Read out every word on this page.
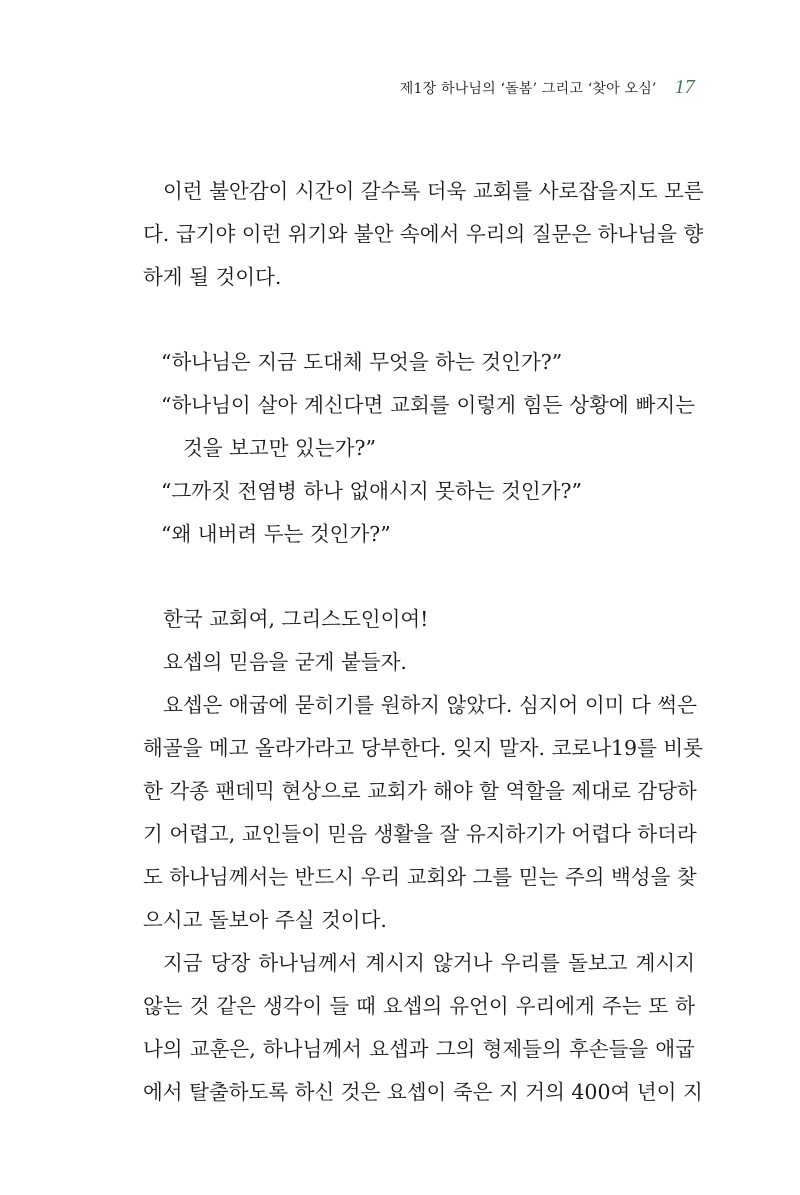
제1장 하나님의 ‘돌봄’ 그리고 ‘찾아 오심’ 17
이런 불안감이 시간이 갈수록 더욱 교회를 사로잡을지도 모른
다. 급기야 이런 위기와 불안 속에서 우리의 질문은 하나님을 향
하게 될 것이다.
“하나님은 지금 도대체 무엇을 하는 것인가?”
“하나님이 살아 계신다면 교회를 이렇게 힘든 상황에 빠지는
것을 보고만 있는가?”
“그까짓 전염병 하나 없애시지 못하는 것인가?”
“왜 내버려 두는 것인가?”
한국 교회여, 그리스도인이여!
요셉의 믿음을 굳게 붙들자.
요셉은 애굽에 묻히기를 원하지 않았다. 심지어 이미 다 썩은
해골을 메고 올라가라고 당부한다. 잊지 말자. 코로나19를 비롯
한 각종 팬데믹 현상으로 교회가 해야 할 역할을 제대로 감당하
기 어렵고, 교인들이 믿음 생활을 잘 유지하기가 어렵다 하더라
도 하나님께서는 반드시 우리 교회와 그를 믿는 주의 백성을 찾
으시고 돌보아 주실 것이다.
지금 당장 하나님께서 계시지 않거나 우리를 돌보고 계시지
않는 것 같은 생각이 들 때 요셉의 유언이 우리에게 주는 또 하
나의 교훈은, 하나님께서 요셉과 그의 형제들의 후손들을 애굽
에서 탈출하도록 하신 것은 요셉이 죽은 지 거의 400여 년이 지
